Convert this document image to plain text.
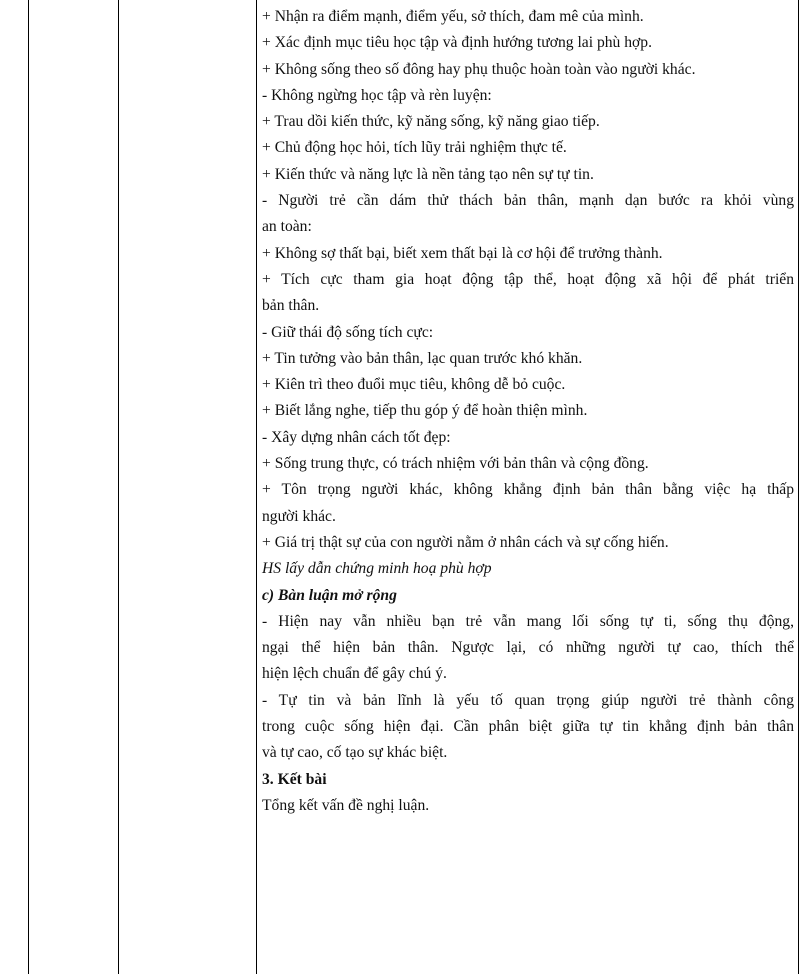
+ Nhận ra điểm mạnh, điểm yếu, sở thích, đam mê của mình.
+ Xác định mục tiêu học tập và định hướng tương lai phù hợp.
+ Không sống theo số đông hay phụ thuộc hoàn toàn vào người khác.
- Không ngừng học tập và rèn luyện:
+ Trau dồi kiến thức, kỹ năng sống, kỹ năng giao tiếp.
+ Chủ động học hỏi, tích lũy trải nghiệm thực tế.
+ Kiến thức và năng lực là nền tảng tạo nên sự tự tin.
- Người trẻ cần dám thử thách bản thân, mạnh dạn bước ra khỏi vùng
an toàn:
+ Không sợ thất bại, biết xem thất bại là cơ hội để trưởng thành.
+ Tích cực tham gia hoạt động tập thể, hoạt động xã hội để phát triển
bản thân.
- Giữ thái độ sống tích cực:
+ Tin tưởng vào bản thân, lạc quan trước khó khăn.
+ Kiên trì theo đuổi mục tiêu, không dễ bỏ cuộc.
+ Biết lắng nghe, tiếp thu góp ý để hoàn thiện mình.
- Xây dựng nhân cách tốt đẹp:
+ Sống trung thực, có trách nhiệm với bản thân và cộng đồng.
+ Tôn trọng người khác, không khẳng định bản thân bằng việc hạ thấp
người khác.
+ Giá trị thật sự của con người nằm ở nhân cách và sự cống hiến.
HS lấy dẫn chứng minh hoạ phù hợp
c) Bàn luận mở rộng
- Hiện nay vẫn nhiều bạn trẻ vẫn mang lối sống tự ti, sống thụ động,
ngại thể hiện bản thân. Ngược lại, có những người tự cao, thích thể
hiện lệch chuẩn để gây chú ý.
- Tự tin và bản lĩnh là yếu tố quan trọng giúp người trẻ thành công
trong cuộc sống hiện đại. Cần phân biệt giữa tự tin khẳng định bản thân
và tự cao, cố tạo sự khác biệt.
3. Kết bài
Tổng kết vấn đề nghị luận.
